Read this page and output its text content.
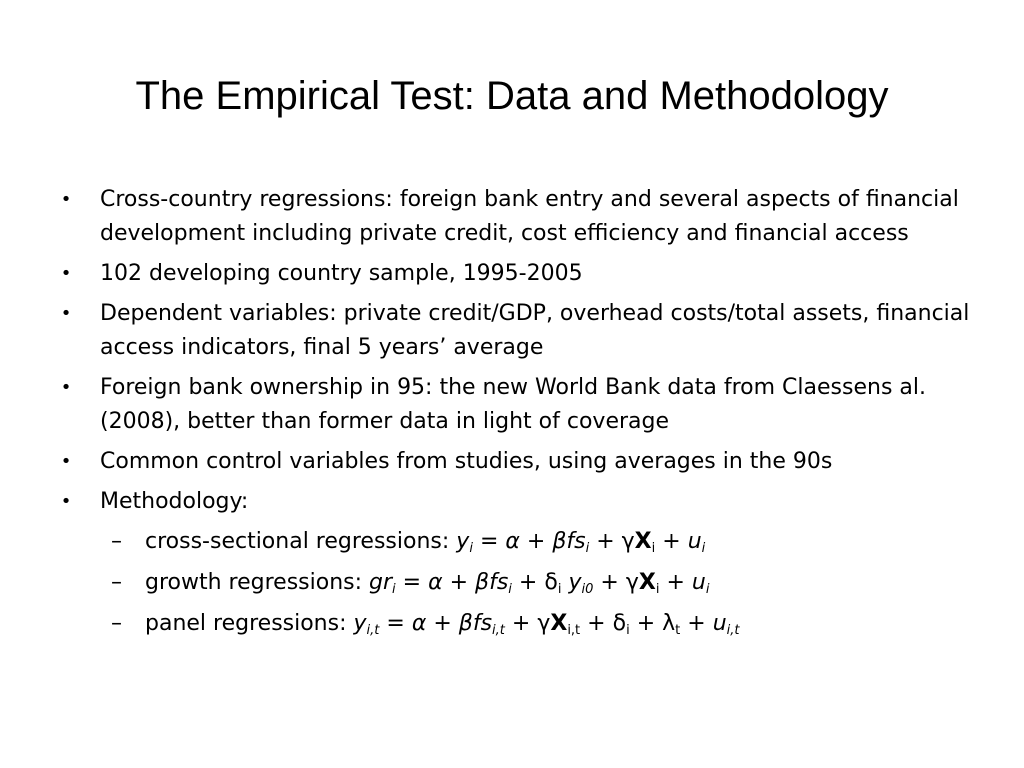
The Empirical Test: Data and Methodology
• Cross-country regressions: foreign bank entry and several aspects of financial development including private credit, cost efficiency and financial access
• 102 developing country sample, 1995-2005
• Dependent variables: private credit/GDP, overhead costs/total assets, financial access indicators, final 5 years’ average
• Foreign bank ownership in 95: the new World Bank data from Claessens al. (2008), better than former data in light of coverage
• Common control variables from studies, using averages in the 90s
• Methodology:
– cross-sectional regressions: $y_i = \alpha + \beta fs_i + \gamma X_i + u_i$
– growth regressions: $gr_i = \alpha + \beta fs_i + \delta_i$ $y_{i0} + \gamma X_i + u_i$
– panel regressions: $y_{i,t} = \alpha + \beta fs_{i,t} + \gamma X_{i,t} + \delta_i + \lambda_t + u_{i,t}$
